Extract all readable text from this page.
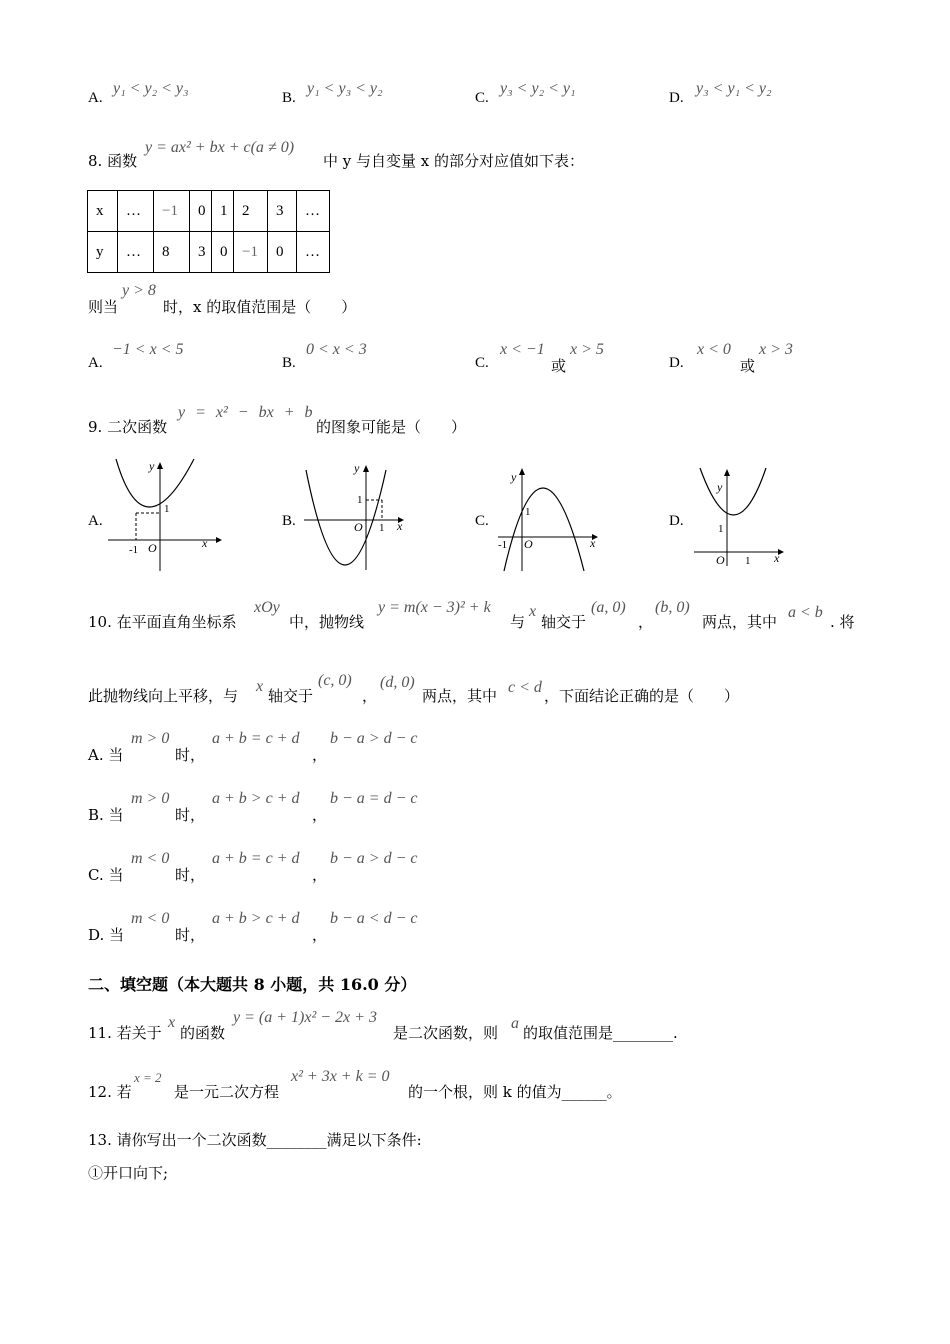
A.
y₁ < y₂ < y₃
B.
y₁ < y₃ < y₂
C.
y₃ < y₂ < y₁
D.
y₃ < y₁ < y₂
8. 函数
y = ax² + bx + c(a ≠ 0)
中 y 与自变量 x 的部分对应值如下表：
x	…	−1	0	1	2	3	…
y	…	8	3	0	−1	0	…
则当
y > 8
时，x 的取值范围是（　　）
A.
−1 < x < 5
B.
0 < x < 3
C.
x < −1
或
x > 5
D.
x < 0
或
x > 3
9. 二次函数
y = x² − bx + b
的图象可能是（　　）
A.
x
y
O
-1
1
B.	x
y
O 1
1
C.
x
y
O
-1
1
D.
x
y
O 1
1
10. 在平面直角坐标系
xOy
中，抛物线
y = m(x − 3)² + k
与
x
轴交于
(a, 0)
，
(b, 0)
两点，其中
a < b
. 将
此抛物线向上平移，与
x
轴交于
(c, 0)
，
(d, 0)
两点，其中 c < d ，下面结论正确的是（　　）
A. 当
m > 0
时，
a + b = c + d
，
b − a > d − c
B. 当
m > 0
时，
a + b > c + d
，
b − a = d − c
C. 当
m < 0
时，
a + b = c + d
，
b − a > d − c
D. 当
m < 0
时，
a + b > c + d
，
b − a < d − c
二、填空题（本大题共 8 小题，共 16.0 分）
11. 若关于
x
的函数
y = (a + 1)x² − 2x + 3
是二次函数，则
a
的取值范围是________.
12. 若
x = 2
是一元二次方程
x² + 3x + k = 0
的一个根，则 k 的值为______。
13. 请你写出一个二次函数________满足以下条件:
①开口向下;
